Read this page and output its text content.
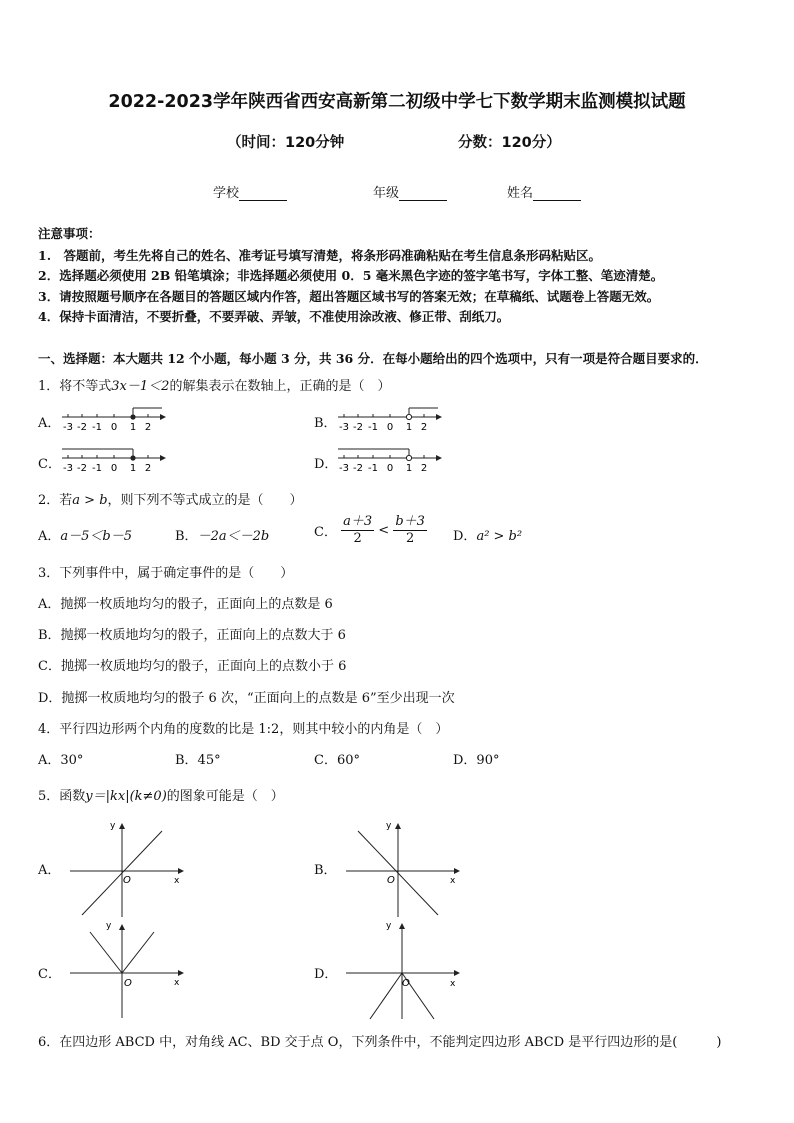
2022-2023学年陕西省西安高新第二初级中学七下数学期末监测模拟试题
（时间：120分钟	分数：120分）
学校	年级	姓名
注意事项：
1.　答题前，考生先将自己的姓名、准考证号填写清楚，将条形码准确粘贴在考生信息条形码粘贴区。
2．选择题必须使用 2B 铅笔填涂；非选择题必须使用 0．5 毫米黑色字迹的签字笔书写，字体工整、笔迹清楚。
3．请按照题号顺序在各题目的答题区域内作答，超出答题区域书写的答案无效；在草稿纸、试题卷上答题无效。
4．保持卡面清洁，不要折叠，不要弄破、弄皱，不准使用涂改液、修正带、刮纸刀。
一、选择题：本大题共 12 个小题，每小题 3 分，共 36 分．在每小题给出的四个选项中，只有一项是符合题目要求的．
1．将不等式3x－1＜2的解集表示在数轴上，正确的是（　）
A． -3 -2 -1 0 1 2	B． -3 -2 -1 0 1 2
C． -3 -2 -1 0 1 2	D． -3 -2 -1 0 1 2
2．若a > b，则下列不等式成立的是（　　）
A．a－5＜b－5	B．－2a＜－2b	C． $\frac{a+3}{2} < \frac{b+3}{2}$ D．a² > b²
3．下列事件中，属于确定事件的是（　　）
A．抛掷一枚质地均匀的骰子，正面向上的点数是 6
B．抛掷一枚质地均匀的骰子，正面向上的点数大于 6
C．抛掷一枚质地均匀的骰子，正面向上的点数小于 6
D．抛掷一枚质地均匀的骰子 6 次，“正面向上的点数是 6”至少出现一次
4．平行四边形两个内角的度数的比是 1:2，则其中较小的内角是（　）
A．30°	B．45°	C．60°	D．90°
5．函数y＝|kx|(k≠0)的图象可能是（　）
A．
y
x
O
B．
y
x
O
C．
y
x
O
D．
y
x
O
6．在四边形 ABCD 中，对角线 AC、BD 交于点 O，下列条件中，不能判定四边形 ABCD 是平行四边形的是(　　　)
